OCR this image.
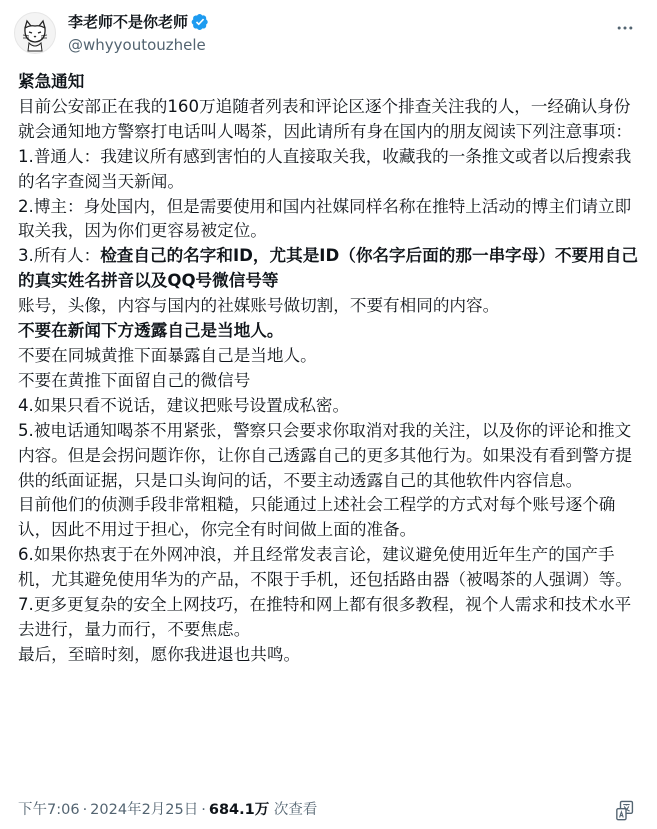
李老师不是你老师
@whyyoutouzhele

紧急通知

目前公安部正在我的160万追随者列表和评论区逐个排查关注我的人，一经确认身份就会通知地方警察打电话叫人喝茶，因此请所有身在国内的朋友阅读下列注意事项：

1.普通人：我建议所有感到害怕的人直接取关我，收藏我的一条推文或者以后搜索我的名字查阅当天新闻。

2.博主：身处国内，但是需要使用和国内社媒同样名称在推特上活动的博主们请立即取关我，因为你们更容易被定位。

3.所有人：检查自己的名字和ID，尤其是ID（你名字后面的那一串字母）不要用自己的真实姓名拼音以及QQ号微信号等

账号，头像，内容与国内的社媒账号做切割，不要有相同的内容。

不要在新闻下方透露自己是当地人。

不要在同城黄推下面暴露自己是当地人。

不要在黄推下面留自己的微信号

4.如果只看不说话，建议把账号设置成私密。

5.被电话通知喝茶不用紧张，警察只会要求你取消对我的关注，以及你的评论和推文内容。但是会拐问题诈你，让你自己透露自己的更多其他行为。如果没有看到警方提供的纸面证据，只是口头询问的话，不要主动透露自己的其他软件内容信息。

目前他们的侦测手段非常粗糙，只能通过上述社会工程学的方式对每个账号逐个确认，因此不用过于担心，你完全有时间做上面的准备。

6.如果你热衷于在外网冲浪，并且经常发表言论，建议避免使用近年生产的国产手机，尤其避免使用华为的产品，不限于手机，还包括路由器（被喝茶的人强调）等。

7.更多更复杂的安全上网技巧，在推特和网上都有很多教程，视个人需求和技术水平去进行，量力而行，不要焦虑。

最后，至暗时刻，愿你我进退也共鸣。

下午7:06 · 2024年2月25日 · 684.1万 次查看
